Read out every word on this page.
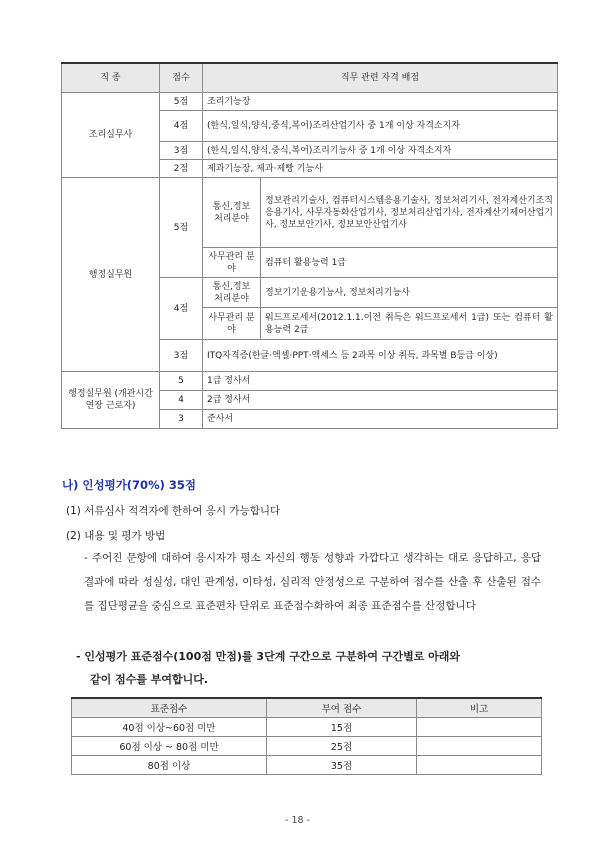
직 종	점수	직무 관련 자격 배점	
조리실무사	5점	조리기능장	
	4점	(한식,일식,양식,중식,복어)조리산업기사 중 1개 이상 자격소지자	
	3점	(한식,일식,양식,중식,복어)조리기능사 중 1개 이상 자격소지자	
	2점	제과기능장, 제과·제빵 기능사	
행정실무원	5점	통신,정보 처리분야	정보관리기술사, 컴퓨터시스템응용기술사, 정보처리기사, 전자계산기조직응용기사, 사무자동화산업기사, 정보처리산업기사, 전자계산기제어산업기사, 정보보안기사, 정보보안산업기사
		사무관리 분야	컴퓨터 활용능력 1급
	4점	통신,정보 처리분야	정보기기운용기능사, 정보처리기능사
		사무관리 분야	워드프로세서(2012.1.1.이전 취득은 워드프로세서 1급) 또는 컴퓨터 활용능력 2급
	3점	ITQ자격증(한글·엑셀·PPT·액세스 등 2과목 이상 취득, 과목별 B등급 이상)	
행정실무원 (개관시간연장 근로자)	5	1급 정사서	
	4	2급 정사서	
	3	준사서	
나) 인성평가(70%) 35점
(1) 서류심사 적격자에 한하여 응시 가능합니다
(2) 내용 및 평가 방법
- 주어진 문항에 대하여 응시자가 평소 자신의 행동 성향과 가깝다고 생각하는 대로 응답하고, 응답 결과에 따라 성실성, 대인 관계성, 이타성, 심리적 안정성으로 구분하여 점수를 산출 후 산출된 점수를 집단평균을 중심으로 표준편차 단위로 표준점수화하여 최종 표준점수를 산정합니다
- 인성평가 표준점수(100점 만점)를 3단계 구간으로 구분하여 구간별로 아래와
같이 점수를 부여합니다.
표준점수	부여 점수	비고
40점 이상~60점 미만	15점	
60점 이상 ~ 80점 미만	25점	
80점 이상	35점	
- 18 -
